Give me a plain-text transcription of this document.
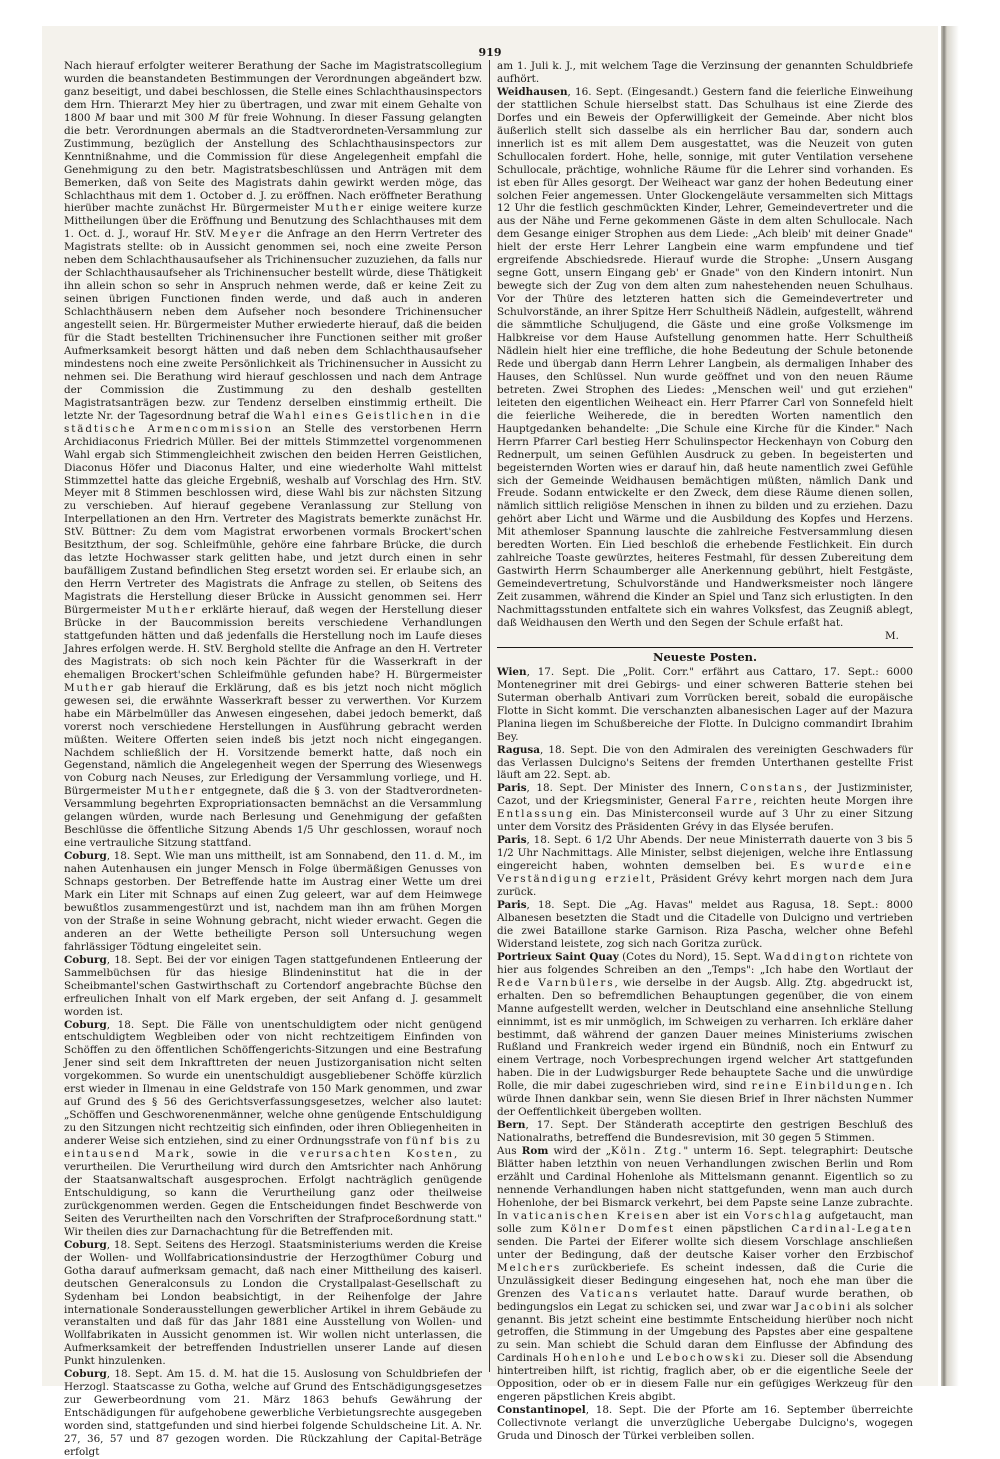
919

Nach hierauf erfolgter weiterer Berathung der Sache im Magistratscollegium wurden die beanstandeten Bestimmungen der Verordnungen abgeändert bzw. ganz beseitigt, und dabei beschlossen, die Stelle eines Schlachthausinspectors dem Hrn. Thierarzt Mey hier zu übertragen, und zwar mit einem Gehalte von 1800 M baar und mit 300 M für freie Wohnung. In dieser Fassung gelangten die betr. Verordnungen abermals an die Stadtverordneten-Versammlung zur Zustimmung, bezüglich der Anstellung des Schlachthausinspectors zur Kenntnißnahme, und die Commission für diese Angelegenheit empfahl die Genehmigung zu den betr. Magistratsbeschlüssen und Anträgen mit dem Bemerken, daß von Seite des Magistrats dahin gewirkt werden möge, das Schlachthaus mit dem 1. October d. J. zu eröffnen. Nach eröffneter Berathung hierüber machte zunächst Hr. Bürgermeister Muther einige weitere kurze Mittheilungen über die Eröffnung und Benutzung des Schlachthauses mit dem 1. Oct. d. J., worauf Hr. StV. Meyer die Anfrage an den Herrn Vertreter des Magistrats stellte: ob in Aussicht genommen sei, noch eine zweite Person neben dem Schlachthausaufseher als Trichinensucher zuzuziehen, da falls nur der Schlachthausaufseher als Trichinensucher bestellt würde, diese Thätigkeit ihn allein schon so sehr in Anspruch nehmen werde, daß er keine Zeit zu seinen übrigen Functionen finden werde, und daß auch in anderen Schlachthäusern neben dem Aufseher noch besondere Trichinensucher angestellt seien. Hr. Bürgermeister Muther erwiederte hierauf, daß die beiden für die Stadt bestellten Trichinensucher ihre Functionen seither mit großer Aufmerksamkeit besorgt hätten und daß neben dem Schlachthausaufseher mindestens noch eine zweite Persönlichkeit als Trichinensucher in Aussicht zu nehmen sei. Die Berathung wird hierauf geschlossen und nach dem Antrage der Commission die Zustimmung zu den deshalb gestellten Magistratsanträgen bezw. zur Tendenz derselben einstimmig ertheilt. Die letzte Nr. der Tagesordnung betraf die Wahl eines Geistlichen in die städtische Armencommission an Stelle des verstorbenen Herrn Archidiaconus Friedrich Müller. Bei der mittels Stimmzettel vorgenommenen Wahl ergab sich Stimmengleichheit zwischen den beiden Herren Geistlichen, Diaconus Höfer und Diaconus Halter, und eine wiederholte Wahl mittelst Stimmzettel hatte das gleiche Ergebniß, weshalb auf Vorschlag des Hrn. StV. Meyer mit 8 Stimmen beschlossen wird, diese Wahl bis zur nächsten Sitzung zu verschieben. Auf hierauf gegebene Veranlassung zur Stellung von Interpellationen an den Hrn. Vertreter des Magistrats bemerkte zunächst Hr. StV. Büttner: Zu dem vom Magistrat erworbenen vormals Brockert'schen Besitzthum, der sog. Schleifmühle, gehöre eine fahrbare Brücke, die durch das letzte Hochwasser stark gelitten habe, und jetzt durch einen in sehr baufälligem Zustand befindlichen Steg ersetzt worden sei. Er erlaube sich, an den Herrn Vertreter des Magistrats die Anfrage zu stellen, ob Seitens des Magistrats die Herstellung dieser Brücke in Aussicht genommen sei. Herr Bürgermeister Muther erklärte hierauf, daß wegen der Herstellung dieser Brücke in der Baucommission bereits verschiedene Verhandlungen stattgefunden hätten und daß jedenfalls die Herstellung noch im Laufe dieses Jahres erfolgen werde. H. StV. Berghold stellte die Anfrage an den H. Vertreter des Magistrats: ob sich noch kein Pächter für die Wasserkraft in der ehemaligen Brockert'schen Schleifmühle gefunden habe? H. Bürgermeister Muther gab hierauf die Erklärung, daß es bis jetzt noch nicht möglich gewesen sei, die erwähnte Wasserkraft besser zu verwerthen. Vor Kurzem habe ein Märbelmüller das Anwesen eingesehen, dabei jedoch bemerkt, daß vorerst noch verschiedene Herstellungen in Ausführung gebracht werden müßten. Weitere Offerten seien indeß bis jetzt noch nicht eingegangen. Nachdem schließlich der H. Vorsitzende bemerkt hatte, daß noch ein Gegenstand, nämlich die Angelegenheit wegen der Sperrung des Wiesenwegs von Coburg nach Neuses, zur Erledigung der Versammlung vorliege, und H. Bürgermeister Muther entgegnete, daß die § 3. von der Stadtverordneten-Versammlung begehrten Expropriationsacten bemnächst an die Versammlung gelangen würden, wurde nach Berlesung und Genehmigung der gefaßten Beschlüsse die öffentliche Sitzung Abends 1/5 Uhr geschlossen, worauf noch eine vertrauliche Sitzung stattfand.

Coburg, 18. Sept. Wie man uns mittheilt, ist am Sonnabend, den 11. d. M., im nahen Autenhausen ein junger Mensch in Folge übermäßigen Genusses von Schnaps gestorben. Der Betreffende hatte im Austrag einer Wette um drei Mark ein Liter mit Schnaps auf einen Zug geleert, war auf dem Heimwege bewußtlos zusammengestürzt und ist, nachdem man ihn am frühen Morgen von der Straße in seine Wohnung gebracht, nicht wieder erwacht. Gegen die anderen an der Wette betheiligte Person soll Untersuchung wegen fahrlässiger Tödtung eingeleitet sein.

Coburg, 18. Sept. Bei der vor einigen Tagen stattgefundenen Entleerung der Sammelbüchsen für das hiesige Blindeninstitut hat die in der Scheibmantel'schen Gastwirthschaft zu Cortendorf angebrachte Büchse den erfreulichen Inhalt von elf Mark ergeben, der seit Anfang d. J. gesammelt worden ist.

Coburg, 18. Sept. Die Fälle von unentschuldigtem oder nicht genügend entschuldigtem Wegbleiben oder von nicht rechtzeitigem Einfinden von Schöffen zu den öffentlichen Schöffengerichts-Sitzungen und eine Bestrafung Jener sind seit dem Inkrafttreten der neuen Justizorganisation nicht selten vorgekommen. So wurde ein unentschuldigt ausgebliebener Schöffe kürzlich erst wieder in Ilmenau in eine Geldstrafe von 150 Mark genommen, und zwar auf Grund des § 56 des Gerichtsverfassungsgesetzes, welcher also lautet: „Schöffen und Geschworenenmänner, welche ohne genügende Entschuldigung zu den Sitzungen nicht rechtzeitig sich einfinden, oder ihren Obliegenheiten in anderer Weise sich entziehen, sind zu einer Ordnungsstrafe von fünf bis zu eintausend Mark, sowie in die verursachten Kosten, zu verurtheilen. Die Verurtheilung wird durch den Amtsrichter nach Anhörung der Staatsanwaltschaft ausgesprochen. Erfolgt nachträglich genügende Entschuldigung, so kann die Verurtheilung ganz oder theilweise zurückgenommen werden. Gegen die Entscheidungen findet Beschwerde von Seiten des Verurtheilten nach den Vorschriften der Strafproceßordnung statt." Wir theilen dies zur Darnachachtung für die Betreffenden mit.

Coburg, 18. Sept. Seitens des Herzogl. Staatsministeriums werden die Kreise der Wollen- und Wollfabricationsindustrie der Herzogthümer Coburg und Gotha darauf aufmerksam gemacht, daß nach einer Mittheilung des kaiserl. deutschen Generalconsuls zu London die Crystallpalast-Gesellschaft zu Sydenham bei London beabsichtigt, in der Reihenfolge der Jahre internationale Sonderausstellungen gewerblicher Artikel in ihrem Gebäude zu veranstalten und daß für das Jahr 1881 eine Ausstellung von Wollen- und Wollfabrikaten in Aussicht genommen ist. Wir wollen nicht unterlassen, die Aufmerksamkeit der betreffenden Industriellen unserer Lande auf diesen Punkt hinzulenken.

Coburg, 18. Sept. Am 15. d. M. hat die 15. Auslosung von Schuldbriefen der Herzogl. Staatscasse zu Gotha, welche auf Grund des Entschädigungsgesetzes zur Gewerbeordnung vom 21. März 1863 behufs Gewährung der Entschädigungen für aufgehobene gewerbliche Verbietungsrechte ausgegeben worden sind, stattgefunden und sind hierbei folgende Schuldscheine Lit. A. Nr. 27, 36, 57 und 87 gezogen worden. Die Rückzahlung der Capital-Beträge erfolgt

am 1. Juli k. J., mit welchem Tage die Verzinsung der genannten Schuldbriefe aufhört.

Weidhausen, 16. Sept. (Eingesandt.) Gestern fand die feierliche Einweihung der stattlichen Schule hierselbst statt. Das Schulhaus ist eine Zierde des Dorfes und ein Beweis der Opferwilligkeit der Gemeinde. Aber nicht blos äußerlich stellt sich dasselbe als ein herrlicher Bau dar, sondern auch innerlich ist es mit allem Dem ausgestattet, was die Neuzeit von guten Schullocalen fordert. Hohe, helle, sonnige, mit guter Ventilation versehene Schullocale, prächtige, wohnliche Räume für die Lehrer sind vorhanden. Es ist eben für Alles gesorgt. Der Weiheact war ganz der hohen Bedeutung einer solchen Feier angemessen. Unter Glockengeläute versammelten sich Mittags 12 Uhr die festlich geschmückten Kinder, Lehrer, Gemeindevertreter und die aus der Nähe und Ferne gekommenen Gäste in dem alten Schullocale. Nach dem Gesange einiger Strophen aus dem Liede: „Ach bleib' mit deiner Gnade" hielt der erste Herr Lehrer Langbein eine warm empfundene und tief ergreifende Abschiedsrede. Hierauf wurde die Strophe: „Unsern Ausgang segne Gott, unsern Eingang geb' er Gnade" von den Kindern intonirt. Nun bewegte sich der Zug von dem alten zum nahestehenden neuen Schulhaus. Vor der Thüre des letzteren hatten sich die Gemeindevertreter und Schulvorstände, an ihrer Spitze Herr Schultheiß Nädlein, aufgestellt, während die sämmtliche Schuljugend, die Gäste und eine große Volksmenge im Halbkreise vor dem Hause Aufstellung genommen hatte. Herr Schultheiß Nädlein hielt hier eine treffliche, die hohe Bedeutung der Schule betonende Rede und übergab dann Herrn Lehrer Langbein, als dermaligen Inhaber des Hauses, den Schlüssel. Nun wurde geöffnet und von den neuen Räume betreten. Zwei Strophen des Liedes: „Menschen weil' und gut erziehen" leiteten den eigentlichen Weiheact ein. Herr Pfarrer Carl von Sonnefeld hielt die feierliche Weiherede, die in beredten Worten namentlich den Hauptgedanken behandelte: „Die Schule eine Kirche für die Kinder." Nach Herrn Pfarrer Carl bestieg Herr Schulinspector Heckenhayn von Coburg den Rednerpult, um seinen Gefühlen Ausdruck zu geben. In begeisterten und begeisternden Worten wies er darauf hin, daß heute namentlich zwei Gefühle sich der Gemeinde Weidhausen bemächtigen müßten, nämlich Dank und Freude. Sodann entwickelte er den Zweck, dem diese Räume dienen sollen, nämlich sittlich religiöse Menschen in ihnen zu bilden und zu erziehen. Dazu gehört aber Licht und Wärme und die Ausbildung des Kopfes und Herzens. Mit athemloser Spannung lauschte die zahlreiche Festversammlung diesen beredten Worten. Ein Lied beschloß die erhebende Festlichkeit. Ein durch zahlreiche Toaste gewürztes, heiteres Festmahl, für dessen Zubereitung dem Gastwirth Herrn Schaumberger alle Anerkennung gebührt, hielt Festgäste, Gemeindevertretung, Schulvorstände und Handwerksmeister noch längere Zeit zusammen, während die Kinder an Spiel und Tanz sich erlustigten. In den Nachmittagsstunden entfaltete sich ein wahres Volksfest, das Zeugniß ablegt, daß Weidhausen den Werth und den Segen der Schule erfaßt hat.

M.

Neueste Posten.

Wien, 17. Sept. Die „Polit. Corr." erfährt aus Cattaro, 17. Sept.: 6000 Montenegriner mit drei Gebirgs- und einer schweren Batterie stehen bei Suterman oberhalb Antivari zum Vorrücken bereit, sobald die europäische Flotte in Sicht kommt. Die verschanzten albanesischen Lager auf der Mazura Planina liegen im Schußbereiche der Flotte. In Dulcigno commandirt Ibrahim Bey.

Ragusa, 18. Sept. Die von den Admiralen des vereinigten Geschwaders für das Verlassen Dulcigno's Seitens der fremden Unterthanen gestellte Frist läuft am 22. Sept. ab.

Paris, 18. Sept. Der Minister des Innern, Constans, der Justizminister, Cazot, und der Kriegsminister, General Farre, reichten heute Morgen ihre Entlassung ein. Das Ministerconseil wurde auf 3 Uhr zu einer Sitzung unter dem Vorsitz des Präsidenten Grévy in das Elysée berufen.

Paris, 18. Sept. 6 1/2 Uhr Abends. Der neue Ministerrath dauerte von 3 bis 5 1/2 Uhr Nachmittags. Alle Minister, selbst diejenigen, welche ihre Entlassung eingereicht haben, wohnten demselben bei. Es wurde eine Verständigung erzielt, Präsident Grévy kehrt morgen nach dem Jura zurück.

Paris, 18. Sept. Die „Ag. Havas" meldet aus Ragusa, 18. Sept.: 8000 Albanesen besetzten die Stadt und die Citadelle von Dulcigno und vertrieben die zwei Bataillone starke Garnison. Riza Pascha, welcher ohne Befehl Widerstand leistete, zog sich nach Goritza zurück.

Portrieux Saint Quay (Cotes du Nord), 15. Sept. Waddington richtete von hier aus folgendes Schreiben an den „Temps": „Ich habe den Wortlaut der Rede Varnbülers, wie derselbe in der Augsb. Allg. Ztg. abgedruckt ist, erhalten. Den so befremdlichen Behauptungen gegenüber, die von einem Manne aufgestellt werden, welcher in Deutschland eine ansehnliche Stellung einnimmt, ist es mir unmöglich, im Schweigen zu verharren. Ich erkläre daher bestimmt, daß während der ganzen Dauer meines Ministeriums zwischen Rußland und Frankreich weder irgend ein Bündniß, noch ein Entwurf zu einem Vertrage, noch Vorbesprechungen irgend welcher Art stattgefunden haben. Die in der Ludwigsburger Rede behauptete Sache und die unwürdige Rolle, die mir dabei zugeschrieben wird, sind reine Einbildungen. Ich würde Ihnen dankbar sein, wenn Sie diesen Brief in Ihrer nächsten Nummer der Oeffentlichkeit übergeben wollten.

Bern, 17. Sept. Der Ständerath acceptirte den gestrigen Beschluß des Nationalraths, betreffend die Bundesrevision, mit 30 gegen 5 Stimmen.

Aus Rom wird der „Köln. Ztg." unterm 16. Sept. telegraphirt: Deutsche Blätter haben letzthin von neuen Verhandlungen zwischen Berlin und Rom erzählt und Cardinal Hohenlohe als Mittelsmann genannt. Eigentlich so zu nennende Verhandlungen haben nicht stattgefunden, wenn man auch durch Hohenlohe, der bei Bismarck verkehrt, bei dem Papste seine Lanze zubrachte. In vaticanischen Kreisen aber ist ein Vorschlag aufgetaucht, man solle zum Kölner Domfest einen päpstlichen Cardinal-Legaten senden. Die Partei der Eiferer wollte sich diesem Vorschlage anschließen unter der Bedingung, daß der deutsche Kaiser vorher den Erzbischof Melchers zurückberiefe. Es scheint indessen, daß die Curie die Unzulässigkeit dieser Bedingung eingesehen hat, noch ehe man über die Grenzen des Vaticans verlautet hatte. Darauf wurde berathen, ob bedingungslos ein Legat zu schicken sei, und zwar war Jacobini als solcher genannt. Bis jetzt scheint eine bestimmte Entscheidung hierüber noch nicht getroffen, die Stimmung in der Umgebung des Papstes aber eine gespaltene zu sein. Man schiebt die Schuld daran dem Einflusse der Abfindung des Cardinals Hohenlohe und Lebochowski zu. Dieser soll die Absendung hintertreiben hilft, ist richtig, fraglich aber, ob er die eigentliche Seele der Opposition, oder ob er in diesem Falle nur ein gefügiges Werkzeug für den engeren päpstlichen Kreis abgibt.

Constantinopel, 18. Sept. Die der Pforte am 16. September überreichte Collectivnote verlangt die unverzügliche Uebergabe Dulcigno's, wogegen Gruda und Dinosch der Türkei verbleiben sollen.
